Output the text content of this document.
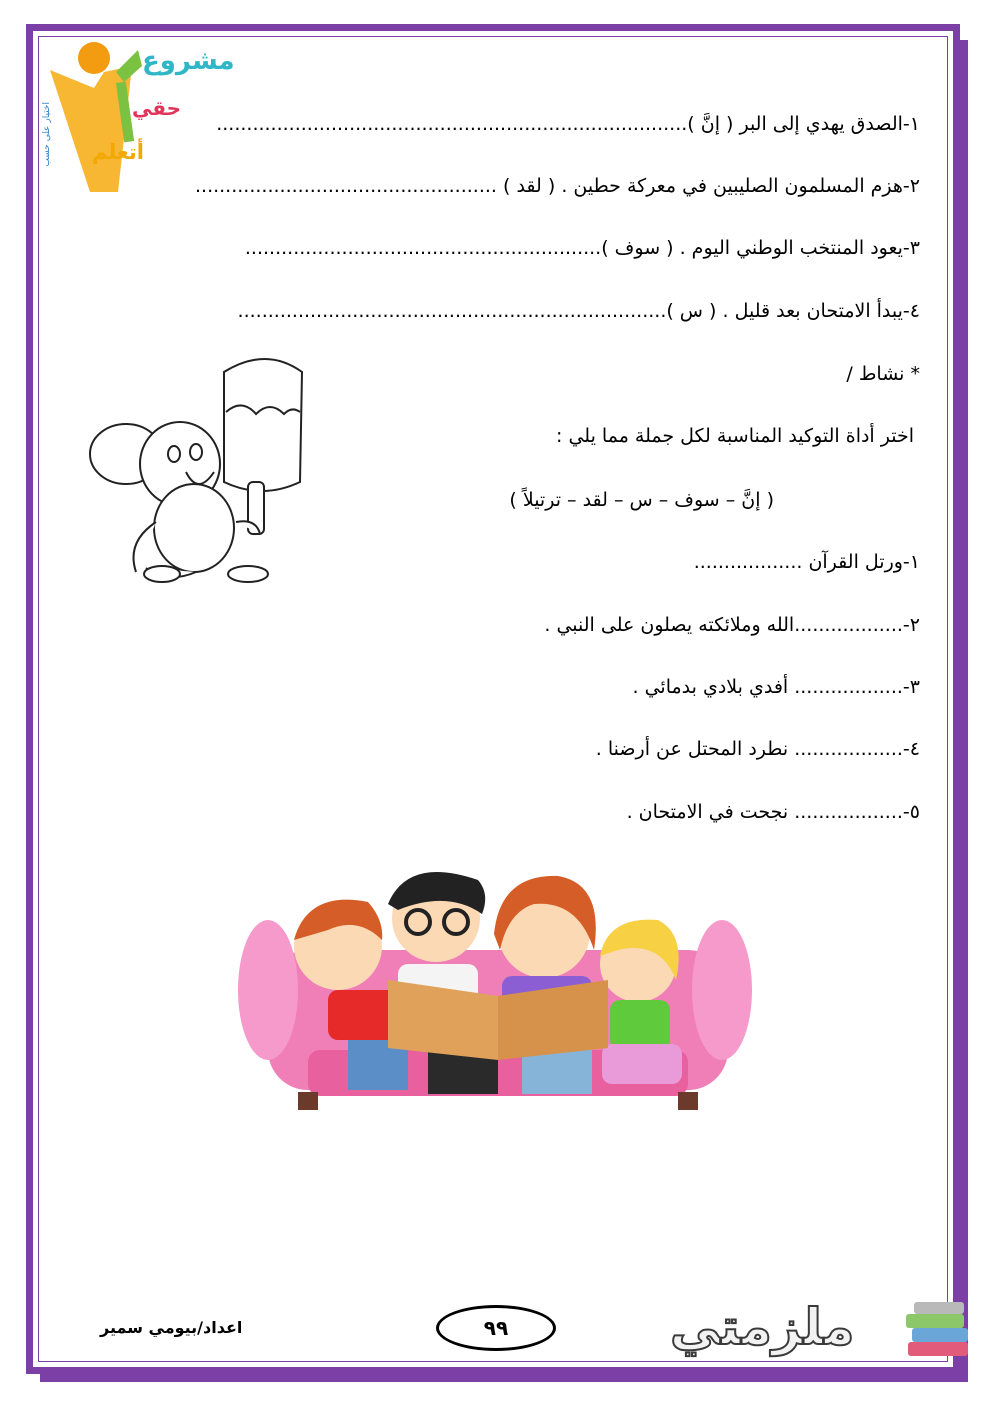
مشروع
حقي
أتعلم
اختيار على حسب	١-الصدق يهدي إلى البر ( إنَّ )..............................................................................
٢-هزم المسلمون الصليبين في معركة حطين . ( لقد ) ..................................................
٣-يعود المنتخب الوطني اليوم . ( سوف )...........................................................
٤-يبدأ الامتحان بعد قليل . ( س ).......................................................................
* نشاط /
اختر أداة التوكيد المناسبة لكل جملة مما يلي :
( إنَّ – سوف – س – لقد – ترتيلاً )
١-ورتل القرآن ..................
٢-..................الله وملائكته يصلون على النبي .
٣-.................. أفدي بلادي بدمائي .
٤-.................. نطرد المحتل عن أرضنا .
٥-.................. نجحت في الامتحان .
اعداد/بيومي سمير	٩٩	ملزمتي
